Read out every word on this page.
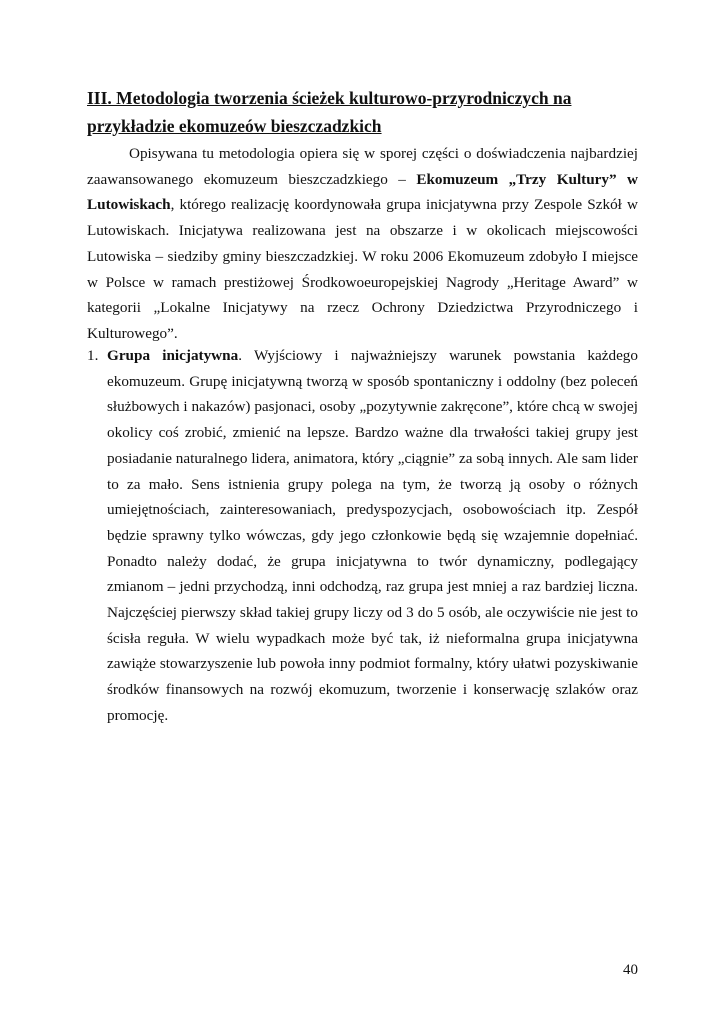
III. Metodologia tworzenia ścieżek kulturowo-przyrodniczych na
przykładzie ekomuzeów bieszczadzkich

Opisywana tu metodologia opiera się w sporej części o doświadczenia najbardziej zaawansowanego ekomuzeum bieszczadzkiego – Ekomuzeum „Trzy Kultury” w Lutowiskach, którego realizację koordynowała grupa inicjatywna przy Zespole Szkół w Lutowiskach. Inicjatywa realizowana jest na obszarze i w okolicach miejscowości Lutowiska – siedziby gminy bieszczadzkiej. W roku 2006 Ekomuzeum zdobyło I miejsce w Polsce w ramach prestiżowej Środkowoeuropejskiej Nagrody „Heritage Award” w kategorii „Lokalne Inicjatywy na rzecz Ochrony Dziedzictwa Przyrodniczego i Kulturowego”.

1. Grupa inicjatywna. Wyjściowy i najważniejszy warunek powstania każdego ekomuzeum. Grupę inicjatywną tworzą w sposób spontaniczny i oddolny (bez poleceń służbowych i nakazów) pasjonaci, osoby „pozytywnie zakręcone”, które chcą w swojej okolicy coś zrobić, zmienić na lepsze. Bardzo ważne dla trwałości takiej grupy jest posiadanie naturalnego lidera, animatora, który „ciągnie” za sobą innych. Ale sam lider to za mało. Sens istnienia grupy polega na tym, że tworzą ją osoby o różnych umiejętnościach, zainteresowaniach, predyspozycjach, osobowościach itp. Zespół będzie sprawny tylko wówczas, gdy jego członkowie będą się wzajemnie dopełniać. Ponadto należy dodać, że grupa inicjatywna to twór dynamiczny, podlegający zmianom – jedni przychodzą, inni odchodzą, raz grupa jest mniej a raz bardziej liczna. Najczęściej pierwszy skład takiej grupy liczy od 3 do 5 osób, ale oczywiście nie jest to ścisła reguła. W wielu wypadkach może być tak, iż nieformalna grupa inicjatywna zawiąże stowarzyszenie lub powoła inny podmiot formalny, który ułatwi pozyskiwanie środków finansowych na rozwój ekomuzum, tworzenie i konserwację szlaków oraz promocję.
40
